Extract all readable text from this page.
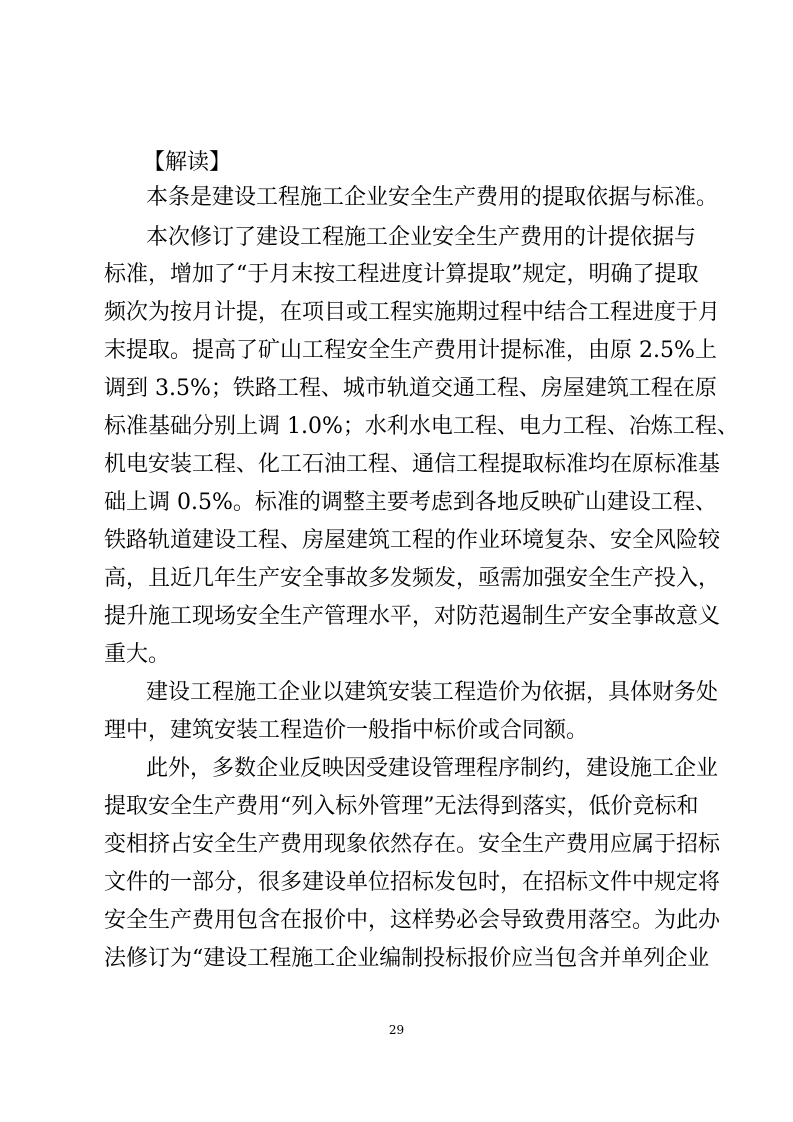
【解读】
本条是建设工程施工企业安全生产费用的提取依据与标准。
本次修订了建设工程施工企业安全生产费用的计提依据与
标准，增加了“于月末按工程进度计算提取”规定，明确了提取
频次为按月计提，在项目或工程实施期过程中结合工程进度于月
末提取。提高了矿山工程安全生产费用计提标准，由原 2.5%上
调到 3.5%；铁路工程、城市轨道交通工程、房屋建筑工程在原
标准基础分别上调 1.0%；水利水电工程、电力工程、冶炼工程、
机电安装工程、化工石油工程、通信工程提取标准均在原标准基
础上调 0.5%。标准的调整主要考虑到各地反映矿山建设工程、
铁路轨道建设工程、房屋建筑工程的作业环境复杂、安全风险较
高，且近几年生产安全事故多发频发，亟需加强安全生产投入，
提升施工现场安全生产管理水平，对防范遏制生产安全事故意义
重大。
建设工程施工企业以建筑安装工程造价为依据，具体财务处
理中，建筑安装工程造价一般指中标价或合同额。
此外，多数企业反映因受建设管理程序制约，建设施工企业
提取安全生产费用“列入标外管理”无法得到落实，低价竞标和
变相挤占安全生产费用现象依然存在。安全生产费用应属于招标
文件的一部分，很多建设单位招标发包时，在招标文件中规定将
安全生产费用包含在报价中，这样势必会导致费用落空。为此办
法修订为“建设工程施工企业编制投标报价应当包含并单列企业
29
